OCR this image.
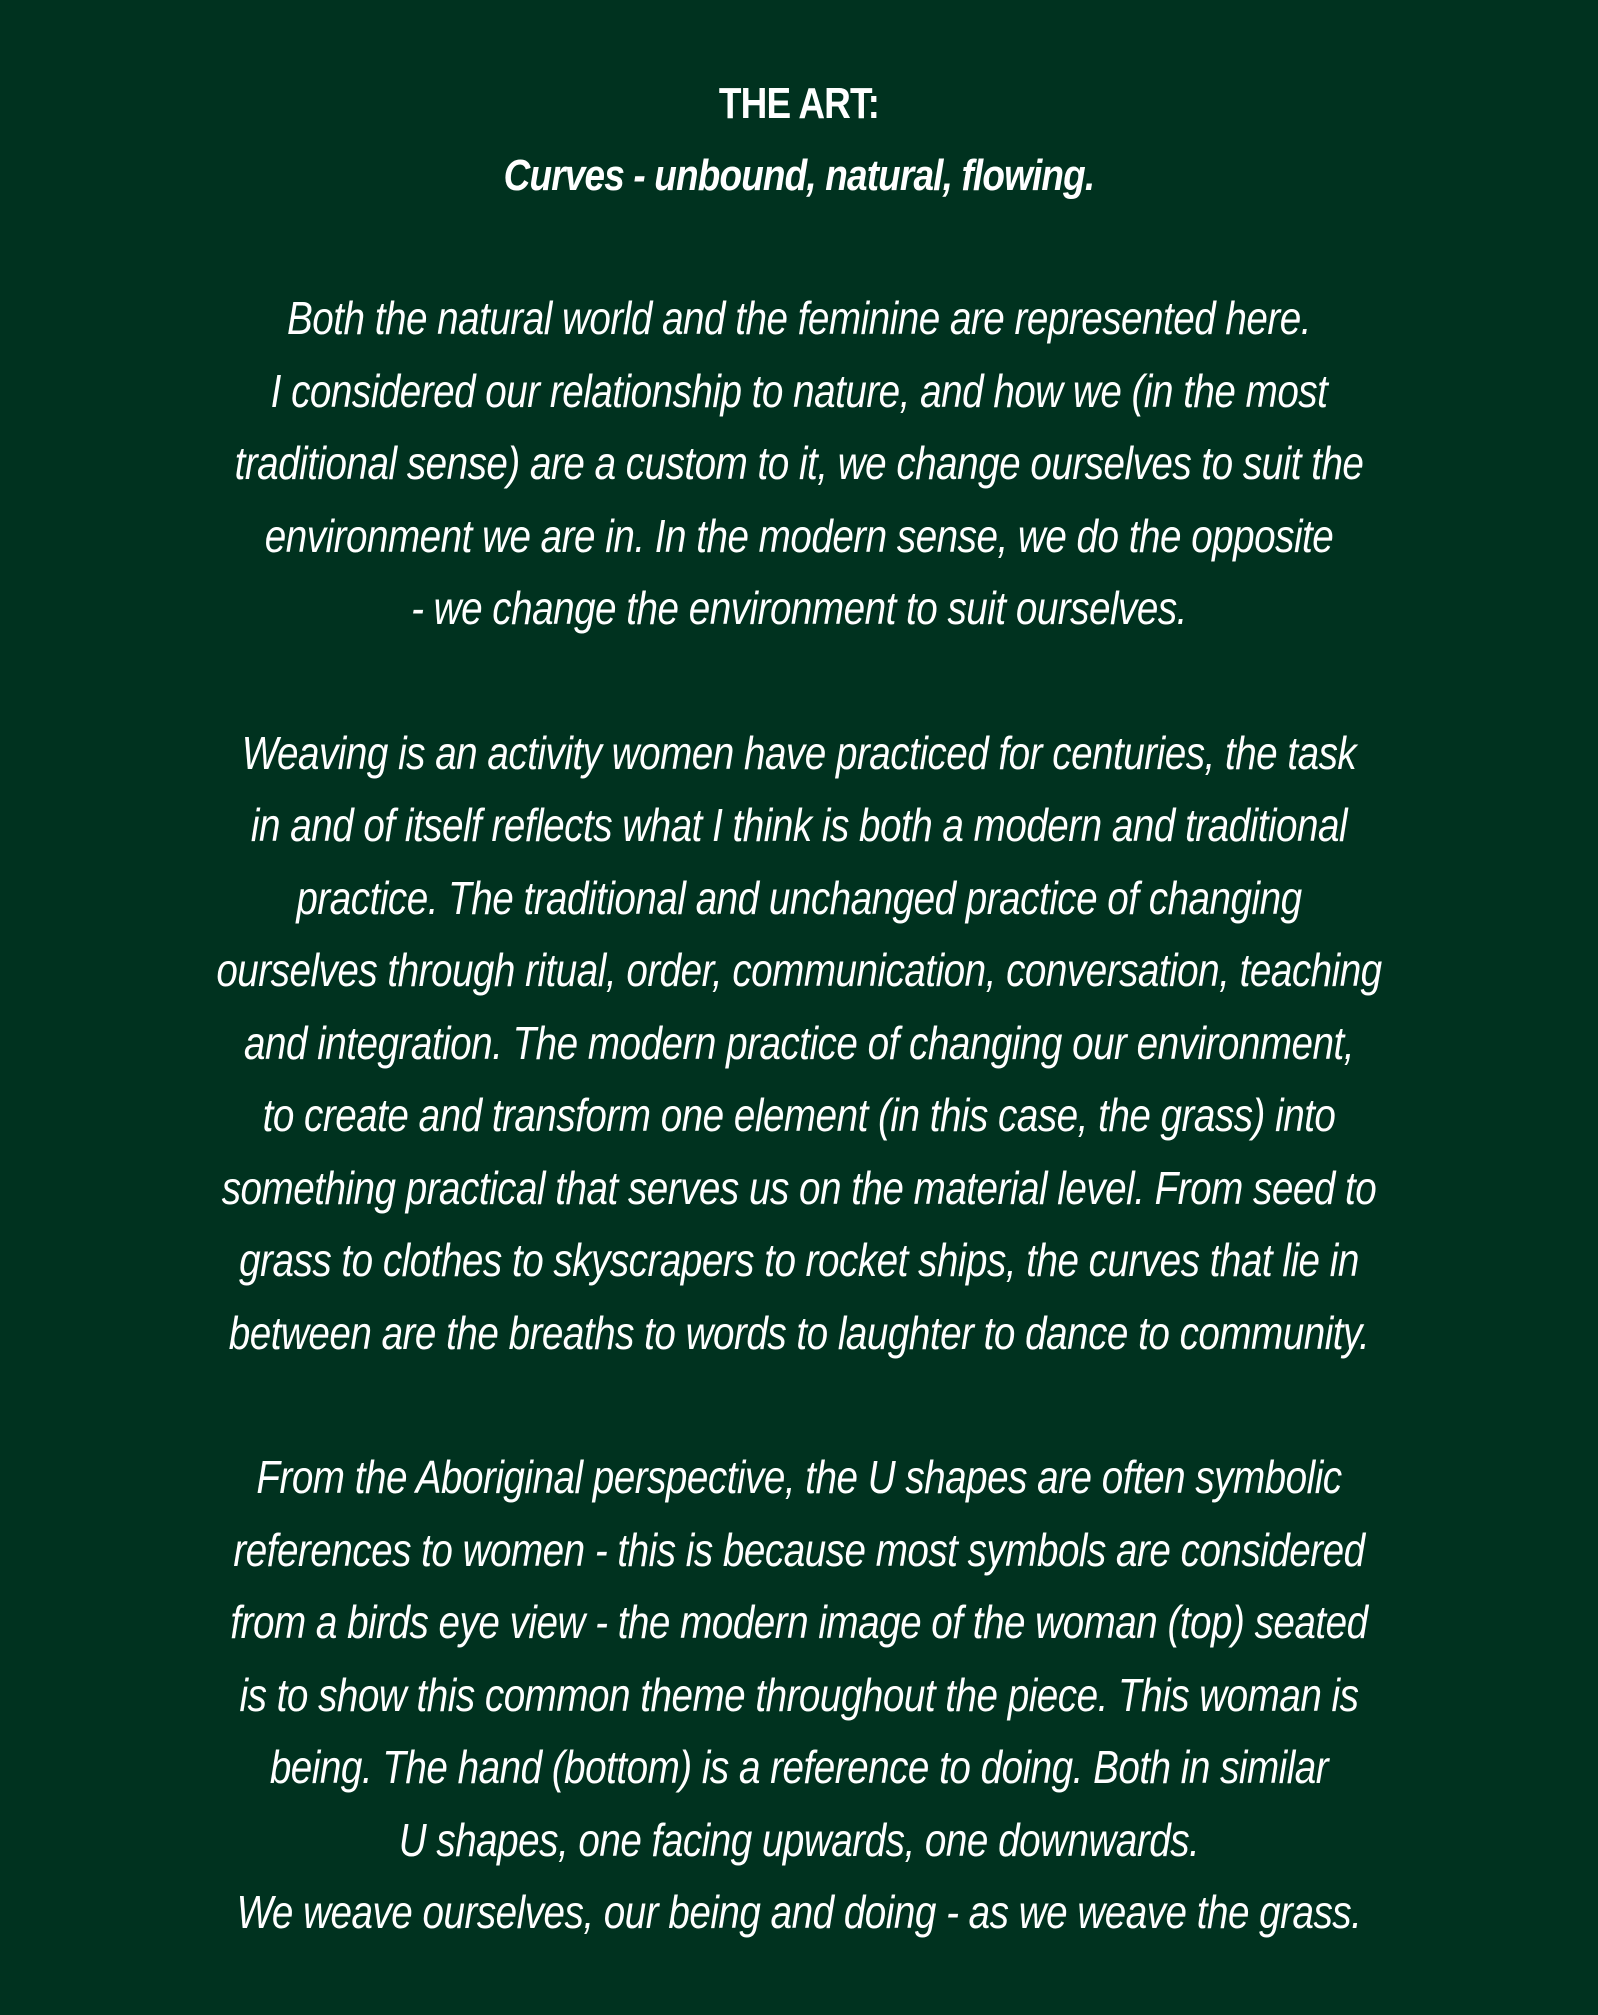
THE ART:
Curves - unbound, natural, flowing.
Both the natural world and the feminine are represented here.
I considered our relationship to nature, and how we (in the most
traditional sense) are a custom to it, we change ourselves to suit the
environment we are in. In the modern sense, we do the opposite
- we change the environment to suit ourselves.
Weaving is an activity women have practiced for centuries, the task
in and of itself reflects what I think is both a modern and traditional
practice. The traditional and unchanged practice of changing
ourselves through ritual, order, communication, conversation, teaching
and integration. The modern practice of changing our environment,
to create and transform one element (in this case, the grass) into
something practical that serves us on the material level. From seed to
grass to clothes to skyscrapers to rocket ships, the curves that lie in
between are the breaths to words to laughter to dance to community.
From the Aboriginal perspective, the U shapes are often symbolic
references to women - this is because most symbols are considered
from a birds eye view - the modern image of the woman (top) seated
is to show this common theme throughout the piece. This woman is
being. The hand (bottom) is a reference to doing. Both in similar
U shapes, one facing upwards, one downwards.
We weave ourselves, our being and doing - as we weave the grass.
